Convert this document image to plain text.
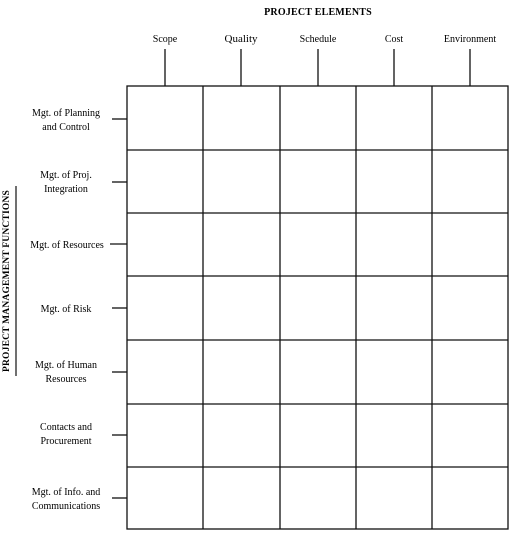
PROJECT ELEMENTS
Scope	Quality	Schedule	Cost	Environment
Mgt. of Planning
and Control
Mgt. of Proj.
Integration
Mgt. of Resources
Mgt. of Risk
Mgt. of Human
Resources
Contacts and
Procurement
Mgt. of Info. and
Communications
PROJECT MANAGEMENT FUNCTIONS
